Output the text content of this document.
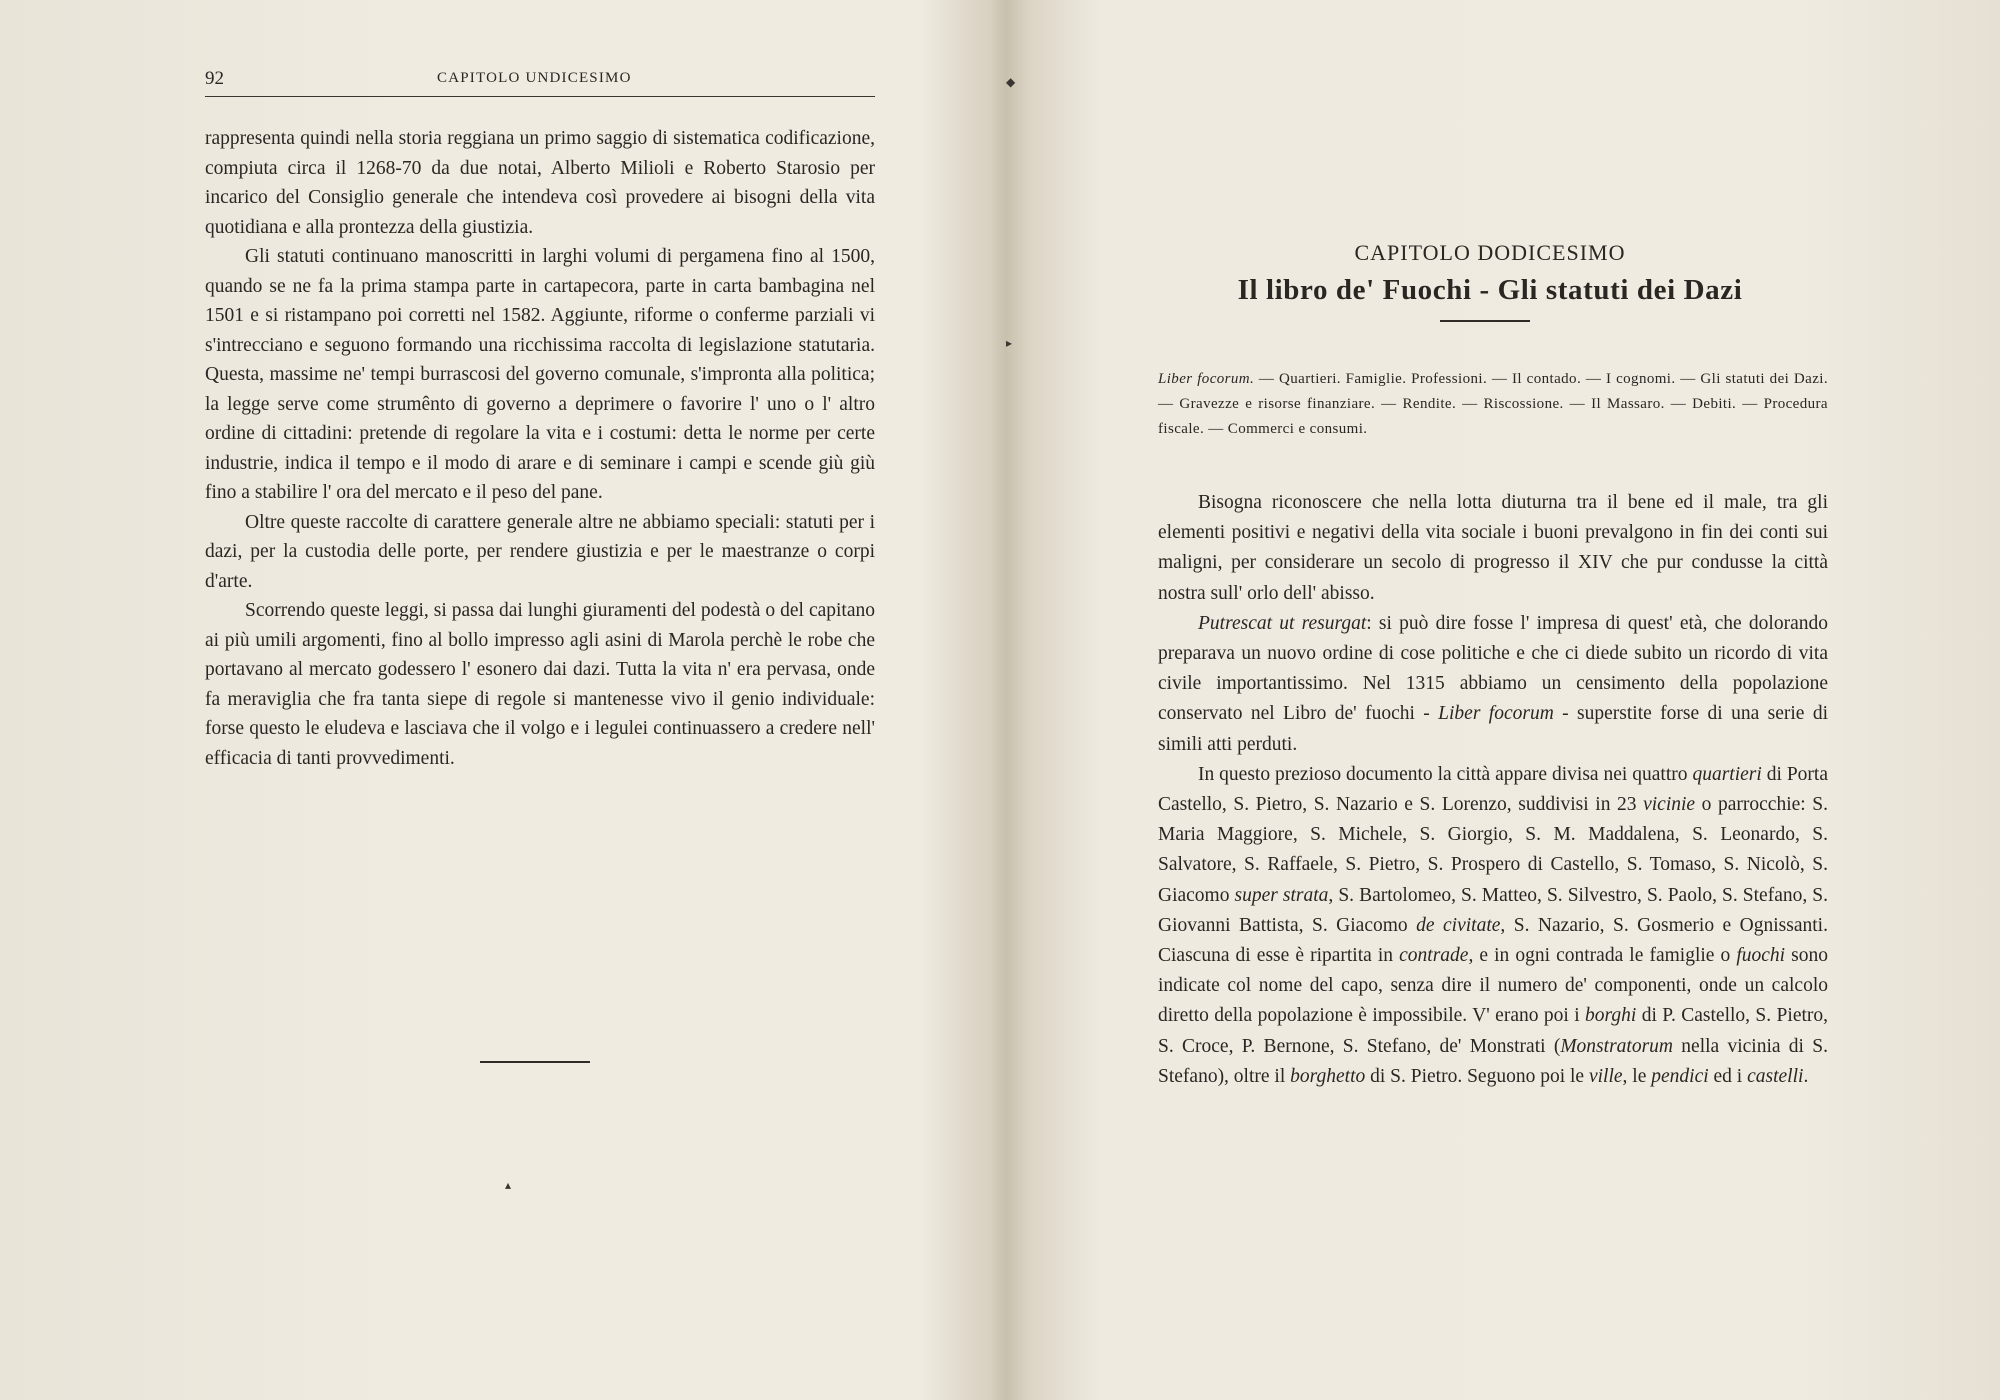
92	CAPITOLO UNDICESIMO

rappresenta quindi nella storia reggiana un primo saggio di sistematica codificazione, compiuta circa il 1268-70 da due notai, Alberto Milioli e Roberto Starosio per incarico del Consiglio generale che intendeva così provedere ai bisogni della vita quotidiana e alla prontezza della giustizia.

Gli statuti continuano manoscritti in larghi volumi di pergamena fino al 1500, quando se ne fa la prima stampa parte in cartapecora, parte in carta bambagina nel 1501 e si ristampano poi corretti nel 1582. Aggiunte, riforme o conferme parziali vi s'intrecciano e seguono formando una ricchissima raccolta di legislazione statutaria. Questa, massime ne' tempi burrascosi del governo comunale, s'impronta alla politica; la legge serve come strumênto di governo a deprimere o favorire l' uno o l' altro ordine di cittadini: pretende di regolare la vita e i costumi: detta le norme per certe industrie, indica il tempo e il modo di arare e di seminare i campi e scende giù giù fino a stabilire l' ora del mercato e il peso del pane.

Oltre queste raccolte di carattere generale altre ne abbiamo speciali: statuti per i dazi, per la custodia delle porte, per rendere giustizia e per le maestranze o corpi d'arte.

Scorrendo queste leggi, si passa dai lunghi giuramenti del podestà o del capitano ai più umili argomenti, fino al bollo impresso agli asini di Marola perchè le robe che portavano al mercato godessero l' esonero dai dazi. Tutta la vita n' era pervasa, onde fa meraviglia che fra tanta siepe di regole si mantenesse vivo il genio individuale: forse questo le eludeva e lasciava che il volgo e i legulei continuassero a credere nell' efficacia di tanti provvedimenti.

▴
CAPITOLO DODICESIMO
Il libro de' Fuochi - Gli statuti dei Dazi
Liber focorum. — Quartieri. Famiglie. Professioni. — Il contado. — I cognomi. — Gli statuti dei Dazi. — Gravezze e risorse finanziare. — Rendite. — Riscossione. — Il Massaro. — Debiti. — Procedura fiscale. — Commerci e consumi.

Bisogna riconoscere che nella lotta diuturna tra il bene ed il male, tra gli elementi positivi e negativi della vita sociale i buoni prevalgono in fin dei conti sui maligni, per considerare un secolo di progresso il XIV che pur condusse la città nostra sull' orlo dell' abisso.

Putrescat ut resurgat: si può dire fosse l' impresa di quest' età, che dolorando preparava un nuovo ordine di cose politiche e che ci diede subito un ricordo di vita civile importantissimo. Nel 1315 abbiamo un censimento della popolazione conservato nel Libro de' fuochi - Liber focorum - superstite forse di una serie di simili atti perduti.

In questo prezioso documento la città appare divisa nei quattro quartieri di Porta Castello, S. Pietro, S. Nazario e S. Lorenzo, suddivisi in 23 vicinie o parrocchie: S. Maria Maggiore, S. Michele, S. Giorgio, S. M. Maddalena, S. Leonardo, S. Salvatore, S. Raffaele, S. Pietro, S. Prospero di Castello, S. Tomaso, S. Nicolò, S. Giacomo super strata, S. Bartolomeo, S. Matteo, S. Silvestro, S. Paolo, S. Stefano, S. Giovanni Battista, S. Giacomo de civitate, S. Nazario, S. Gosmerio e Ognissanti. Ciascuna di esse è ripartita in contrade, e in ogni contrada le famiglie o fuochi sono indicate col nome del capo, senza dire il numero de' componenti, onde un calcolo diretto della popolazione è impossibile. V' erano poi i borghi di P. Castello, S. Pietro, S. Croce, P. Bernone, S. Stefano, de' Monstrati (Monstratorum nella vicinia di S. Stefano), oltre il borghetto di S. Pietro. Seguono poi le ville, le pendici ed i castelli.

◆
▸
